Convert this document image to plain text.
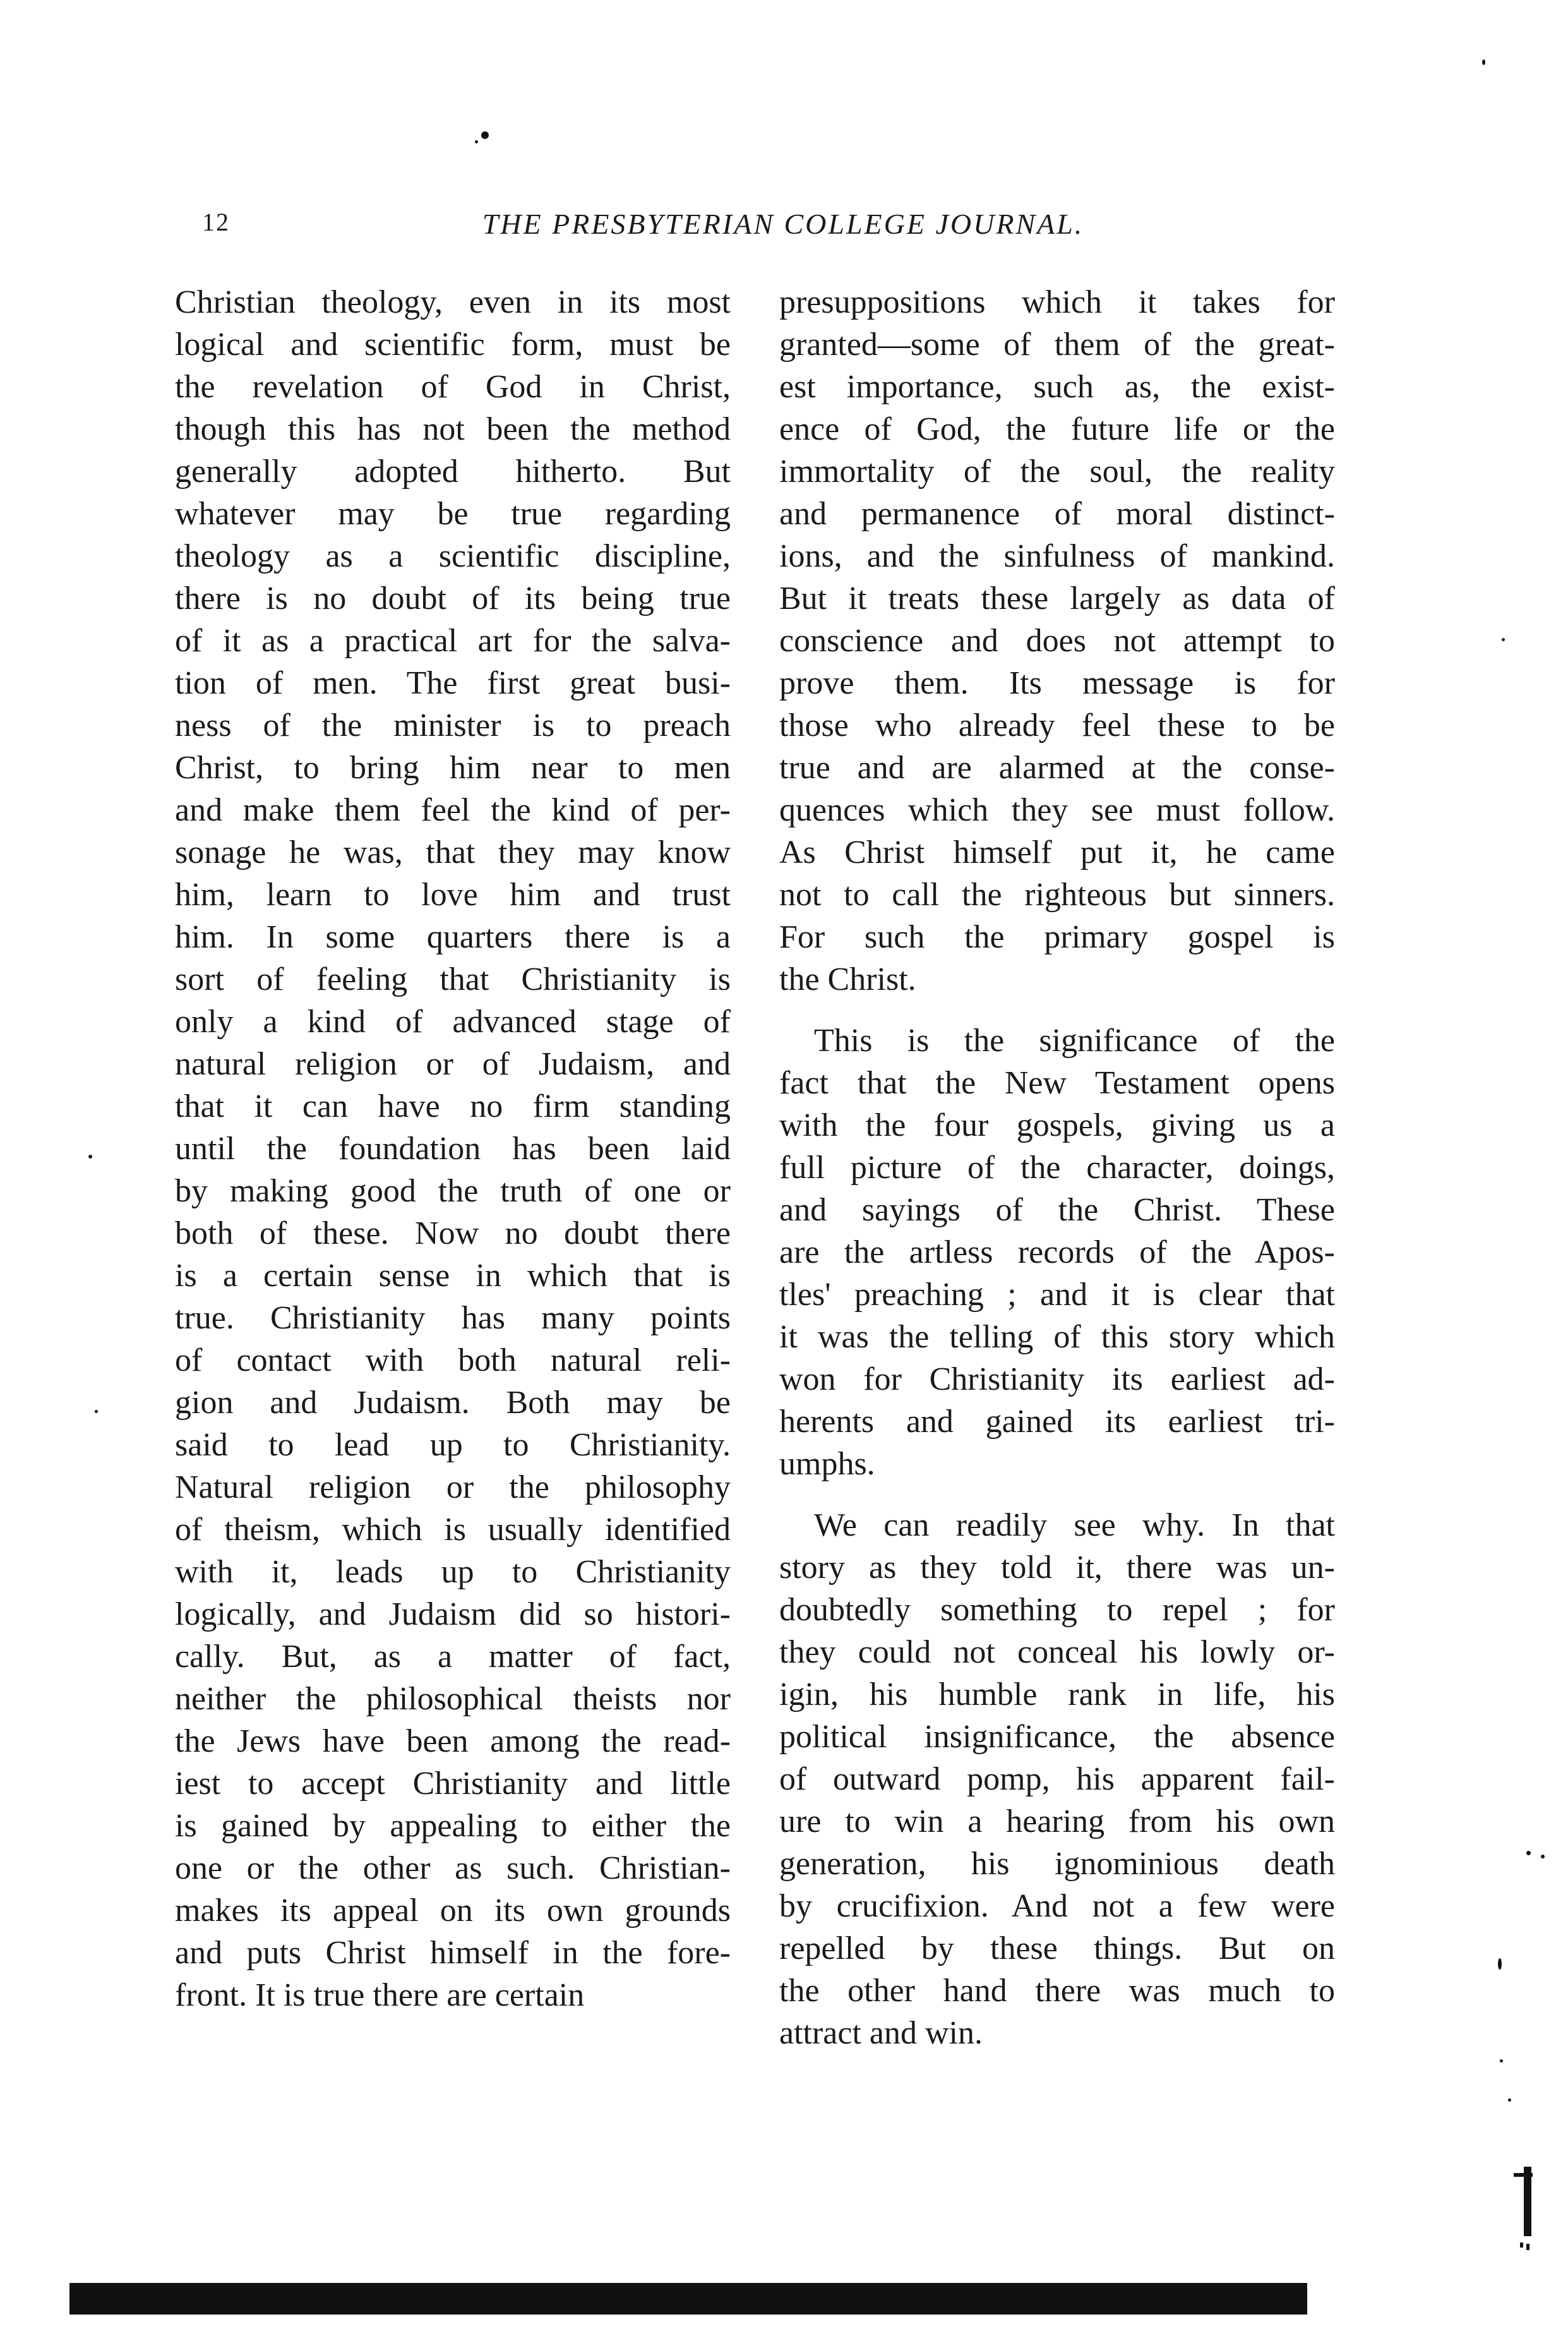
12	THE PRESBYTERIAN COLLEGE JOURNAL.
Christian theology, even in its most
logical and scientific form, must be
the revelation of God in Christ,
though this has not been the method
generally adopted hitherto. But
whatever may be true regarding
theology as a scientific discipline,
there is no doubt of its being true
of it as a practical art for the salva-
tion of men. The first great busi-
ness of the minister is to preach
Christ, to bring him near to men
and make them feel the kind of per-
sonage he was, that they may know
him, learn to love him and trust
him. In some quarters there is a
sort of feeling that Christianity is
only a kind of advanced stage of
natural religion or of Judaism, and
that it can have no firm standing
until the foundation has been laid
by making good the truth of one or
both of these. Now no doubt there
is a certain sense in which that is
true. Christianity has many points
of contact with both natural reli-
gion and Judaism. Both may be
said to lead up to Christianity.
Natural religion or the philosophy
of theism, which is usually identified
with it, leads up to Christianity
logically, and Judaism did so histori-
cally. But, as a matter of fact,
neither the philosophical theists nor
the Jews have been among the read-
iest to accept Christianity and little
is gained by appealing to either the
one or the other as such. Christian-
makes its appeal on its own grounds
and puts Christ himself in the fore-
front. It is true there are certain
presuppositions which it takes for
granted—some of them of the great-
est importance, such as, the exist-
ence of God, the future life or the
immortality of the soul, the reality
and permanence of moral distinct-
ions, and the sinfulness of mankind.
But it treats these largely as data of
conscience and does not attempt to
prove them. Its message is for
those who already feel these to be
true and are alarmed at the conse-
quences which they see must follow.
As Christ himself put it, he came
not to call the righteous but sinners.
For such the primary gospel is
the Christ.
This is the significance of the
fact that the New Testament opens
with the four gospels, giving us a
full picture of the character, doings,
and sayings of the Christ. These
are the artless records of the Apos-
tles' preaching ; and it is clear that
it was the telling of this story which
won for Christianity its earliest ad-
herents and gained its earliest tri-
umphs.
We can readily see why. In that
story as they told it, there was un-
doubtedly something to repel ; for
they could not conceal his lowly or-
igin, his humble rank in life, his
political insignificance, the absence
of outward pomp, his apparent fail-
ure to win a hearing from his own
generation, his ignominious death
by crucifixion. And not a few were
repelled by these things. But on
the other hand there was much to
attract and win.
